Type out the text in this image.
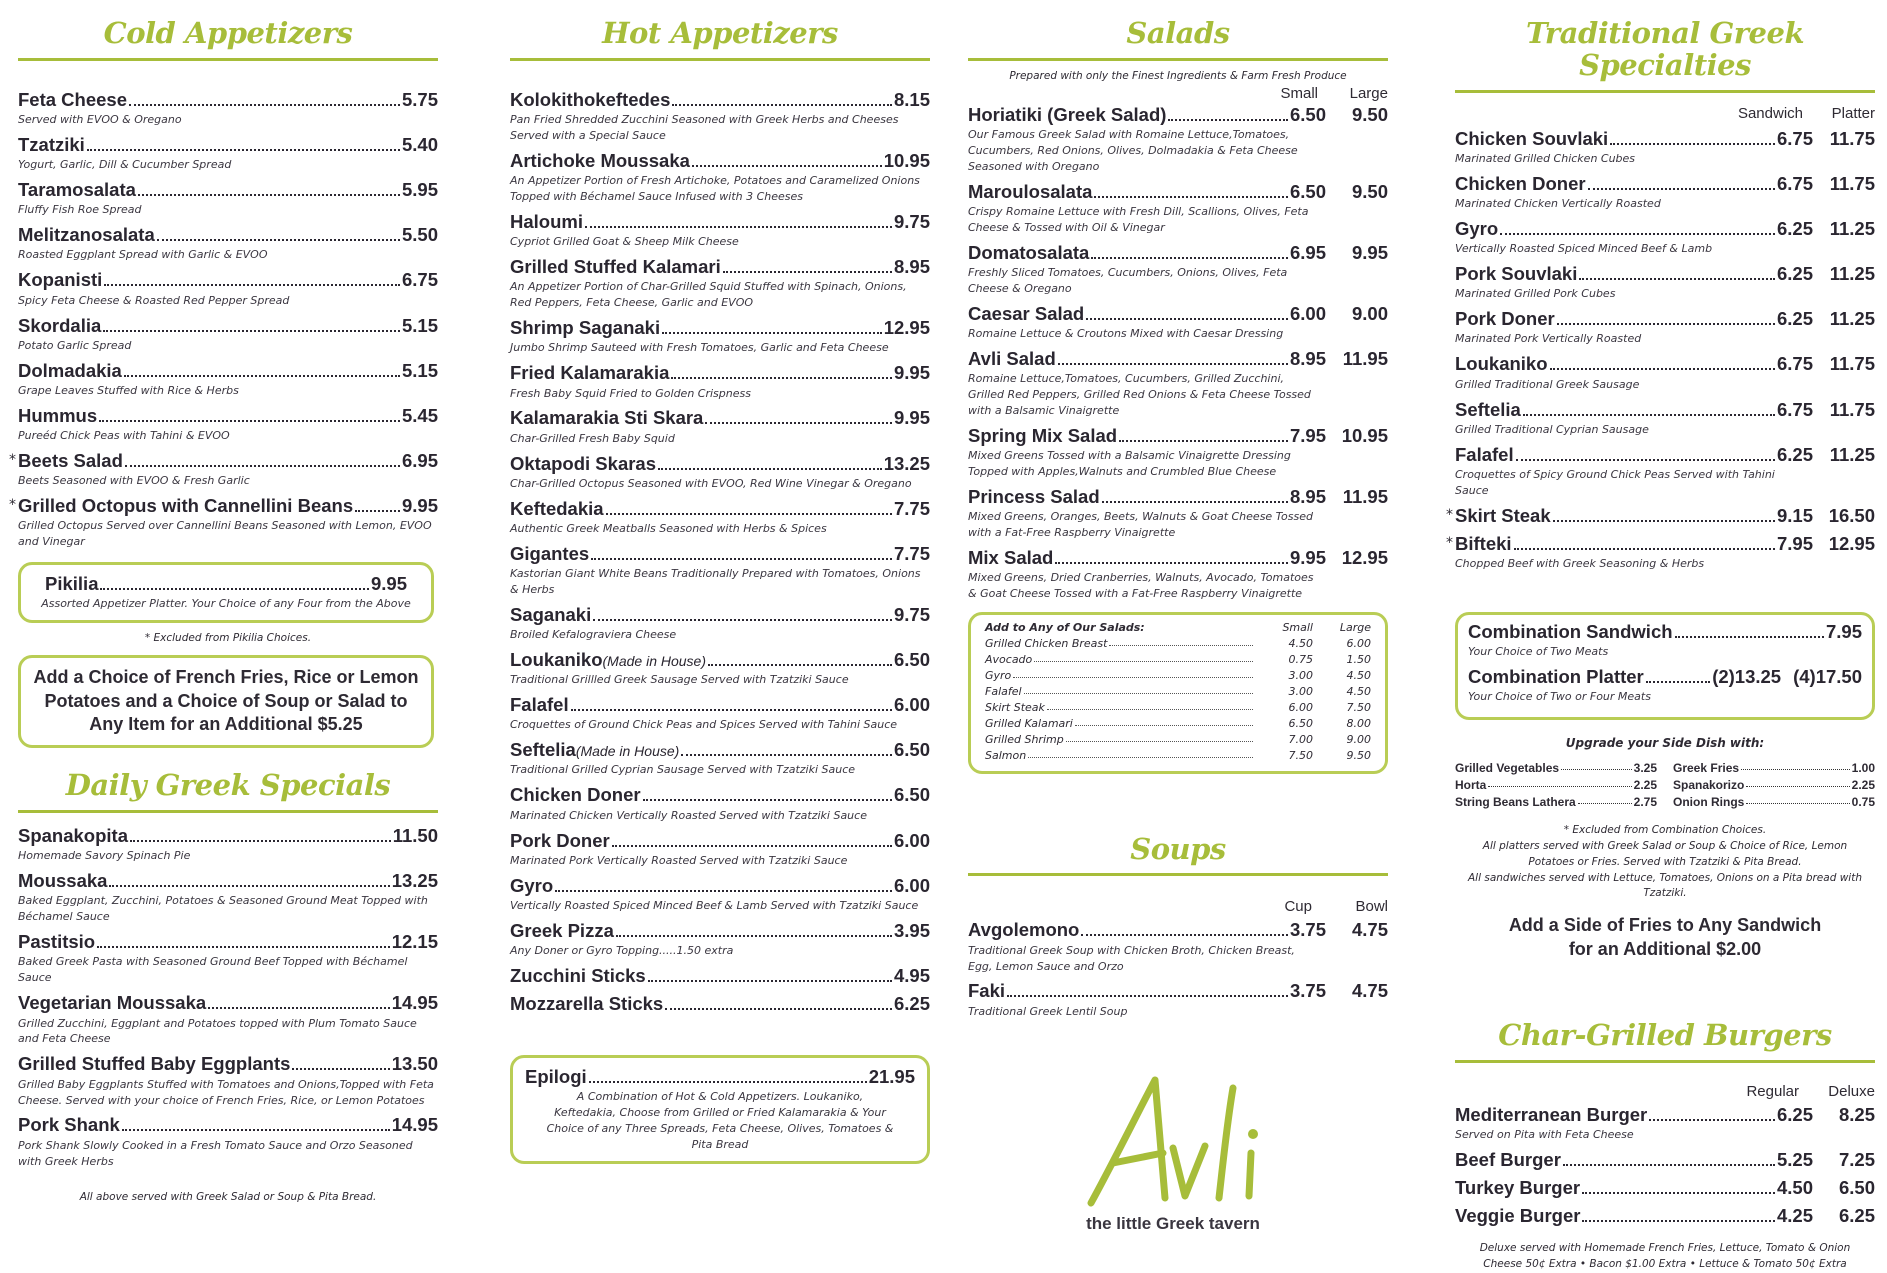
Cold Appetizers
Feta Cheese	5.75
Served with EVOO & Oregano
Tzatziki	5.40
Yogurt, Garlic, Dill & Cucumber Spread
Taramosalata	5.95
Fluffy Fish Roe Spread
Melitzanosalata	5.50
Roasted Eggplant Spread with Garlic & EVOO
Kopanisti	6.75
Spicy Feta Cheese & Roasted Red Pepper Spread
Skordalia	5.15
Potato Garlic Spread
Dolmadakia	5.15
Grape Leaves Stuffed with Rice & Herbs
Hummus	5.45
Pureéd Chick Peas with Tahini & EVOO
* Beets Salad	6.95
Beets Seasoned with EVOO & Fresh Garlic
* Grilled Octopus with Cannellini Beans	9.95
Grilled Octopus Served over Cannellini Beans Seasoned with Lemon, EVOO and Vinegar
Pikilia	9.95
Assorted Appetizer Platter. Your Choice of any Four from the Above
* Excluded from Pikilia Choices.
Add a Choice of French Fries, Rice or Lemon Potatoes and a Choice of Soup or Salad to Any Item for an Additional $5.25
Daily Greek Specials
Spanakopita	11.50
Homemade Savory Spinach Pie
Moussaka	13.25
Baked Eggplant, Zucchini, Potatoes & Seasoned Ground Meat Topped with Béchamel Sauce
Pastitsio	12.15
Baked Greek Pasta with Seasoned Ground Beef Topped with Béchamel Sauce
Vegetarian Moussaka	14.95
Grilled Zucchini, Eggplant and Potatoes topped with Plum Tomato Sauce and Feta Cheese
Grilled Stuffed Baby Eggplants	13.50
Grilled Baby Eggplants Stuffed with Tomatoes and Onions,Topped with Feta Cheese. Served with your choice of French Fries, Rice, or Lemon Potatoes
Pork Shank	14.95
Pork Shank Slowly Cooked in a Fresh Tomato Sauce and Orzo Seasoned with Greek Herbs
All above served with Greek Salad or Soup & Pita Bread.
Hot Appetizers
Kolokithokeftedes	8.15
Pan Fried Shredded Zucchini Seasoned with Greek Herbs and Cheeses Served with a Special Sauce
Artichoke Moussaka	10.95
An Appetizer Portion of Fresh Artichoke, Potatoes and Caramelized Onions Topped with Béchamel Sauce Infused with 3 Cheeses
Haloumi	9.75
Cypriot Grilled Goat & Sheep Milk Cheese
Grilled Stuffed Kalamari	8.95
An Appetizer Portion of Char-Grilled Squid Stuffed with Spinach, Onions, Red Peppers, Feta Cheese, Garlic and EVOO
Shrimp Saganaki	12.95
Jumbo Shrimp Sauteed with Fresh Tomatoes, Garlic and Feta Cheese
Fried Kalamarakia	9.95
Fresh Baby Squid Fried to Golden Crispness
Kalamarakia Sti Skara	9.95
Char-Grilled Fresh Baby Squid
Oktapodi Skaras	13.25
Char-Grilled Octopus Seasoned with EVOO, Red Wine Vinegar & Oregano
Keftedakia	7.75
Authentic Greek Meatballs Seasoned with Herbs & Spices
Gigantes	7.75
Kastorian Giant White Beans Traditionally Prepared with Tomatoes, Onions & Herbs
Saganaki	9.75
Broiled Kefalograviera Cheese
Loukaniko (Made in House)	6.50
Traditional Grillled Greek Sausage Served with Tzatziki Sauce
Falafel	6.00
Croquettes of Ground Chick Peas and Spices Served with Tahini Sauce
Seftelia (Made in House)	6.50
Traditional Grilled Cyprian Sausage Served with Tzatziki Sauce
Chicken Doner	6.50
Marinated Chicken Vertically Roasted Served with Tzatziki Sauce
Pork Doner	6.00
Marinated Pork Vertically Roasted Served with Tzatziki Sauce
Gyro	6.00
Vertically Roasted Spiced Minced Beef & Lamb Served with Tzatziki Sauce
Greek Pizza	3.95
Any Doner or Gyro Topping.....1.50 extra
Zucchini Sticks	4.95
Mozzarella Sticks	6.25
Epilogi	21.95
A Combination of Hot & Cold Appetizers. Loukaniko, Keftedakia, Choose from Grilled or Fried Kalamarakia & Your Choice of any Three Spreads, Feta Cheese, Olives, Tomatoes & Pita Bread
Salads
Prepared with only the Finest Ingredients & Farm Fresh Produce
Small	Large
Horiatiki (Greek Salad)	6.50	9.50
Our Famous Greek Salad with Romaine Lettuce,Tomatoes, Cucumbers, Red Onions, Olives, Dolmadakia & Feta Cheese Seasoned with Oregano
Maroulosalata	6.50	9.50
Crispy Romaine Lettuce with Fresh Dill, Scallions, Olives, Feta Cheese & Tossed with Oil & Vinegar
Domatosalata	6.95	9.95
Freshly Sliced Tomatoes, Cucumbers, Onions, Olives, Feta Cheese & Oregano
Caesar Salad	6.00	9.00
Romaine Lettuce & Croutons Mixed with Caesar Dressing
Avli Salad	8.95 11.95
Romaine Lettuce,Tomatoes, Cucumbers, Grilled Zucchini, Grilled Red Peppers, Grilled Red Onions & Feta Cheese Tossed with a Balsamic Vinaigrette
Spring Mix Salad	7.95 10.95
Mixed Greens Tossed with a Balsamic Vinaigrette Dressing Topped with Apples,Walnuts and Crumbled Blue Cheese
Princess Salad	8.95 11.95
Mixed Greens, Oranges, Beets, Walnuts & Goat Cheese Tossed with a Fat-Free Raspberry Vinaigrette
Mix Salad	9.95 12.95
Mixed Greens, Dried Cranberries, Walnuts, Avocado, Tomatoes & Goat Cheese Tossed with a Fat-Free Raspberry Vinaigrette
Add to Any of Our Salads:	Small	Large
Grilled Chicken Breast	4.50	6.00
Avocado	0.75	1.50
Gyro	3.00	4.50
Falafel	3.00	4.50
Skirt Steak	6.00	7.50
Grilled Kalamari	6.50	8.00
Grilled Shrimp	7.00	9.00
Salmon	7.50	9.50
Soups
Cup	Bowl
Avgolemono	3.75	4.75
Traditional Greek Soup with Chicken Broth, Chicken Breast, Egg, Lemon Sauce and Orzo
Faki	3.75	4.75
Traditional Greek Lentil Soup
the little Greek tavern
Traditional Greek Specialties
Sandwich	Platter
Chicken Souvlaki	6.75 11.75
Marinated Grilled Chicken Cubes
Chicken Doner	6.75 11.75
Marinated Chicken Vertically Roasted
Gyro	6.25 11.25
Vertically Roasted Spiced Minced Beef & Lamb
Pork Souvlaki	6.25 11.25
Marinated Grilled Pork Cubes
Pork Doner	6.25 11.25
Marinated Pork Vertically Roasted
Loukaniko	6.75 11.75
Grilled Traditional Greek Sausage
Seftelia	6.75 11.75
Grilled Traditional Cyprian Sausage
Falafel	6.25 11.25
Croquettes of Spicy Ground Chick Peas Served with Tahini Sauce
* Skirt Steak	9.15 16.50
* Bifteki	7.95 12.95
Chopped Beef with Greek Seasoning & Herbs
Combination Sandwich	7.95
Your Choice of Two Meats
Combination Platter	(2)13.25 (4)17.50
Your Choice of Two or Four Meats
Upgrade your Side Dish with:
Grilled Vegetables	3.25 Greek Fries	1.00
Horta	2.25 Spanakorizo	2.25
String Beans Lathera	2.75 Onion Rings	0.75
* Excluded from Combination Choices.
All platters served with Greek Salad or Soup & Choice of Rice, Lemon Potatoes or Fries. Served with Tzatziki & Pita Bread.
All sandwiches served with Lettuce, Tomatoes, Onions on a Pita bread with Tzatziki.
Add a Side of Fries to Any Sandwich for an Additional $2.00
Char-Grilled Burgers
Regular	Deluxe
Mediterranean Burger	6.25	8.25
Served on Pita with Feta Cheese
Beef Burger	5.25	7.25
Turkey Burger	4.50	6.50
Veggie Burger	4.25	6.25
Deluxe served with Homemade French Fries, Lettuce, Tomato & Onion
Cheese 50¢ Extra • Bacon $1.00 Extra • Lettuce & Tomato 50¢ Extra
